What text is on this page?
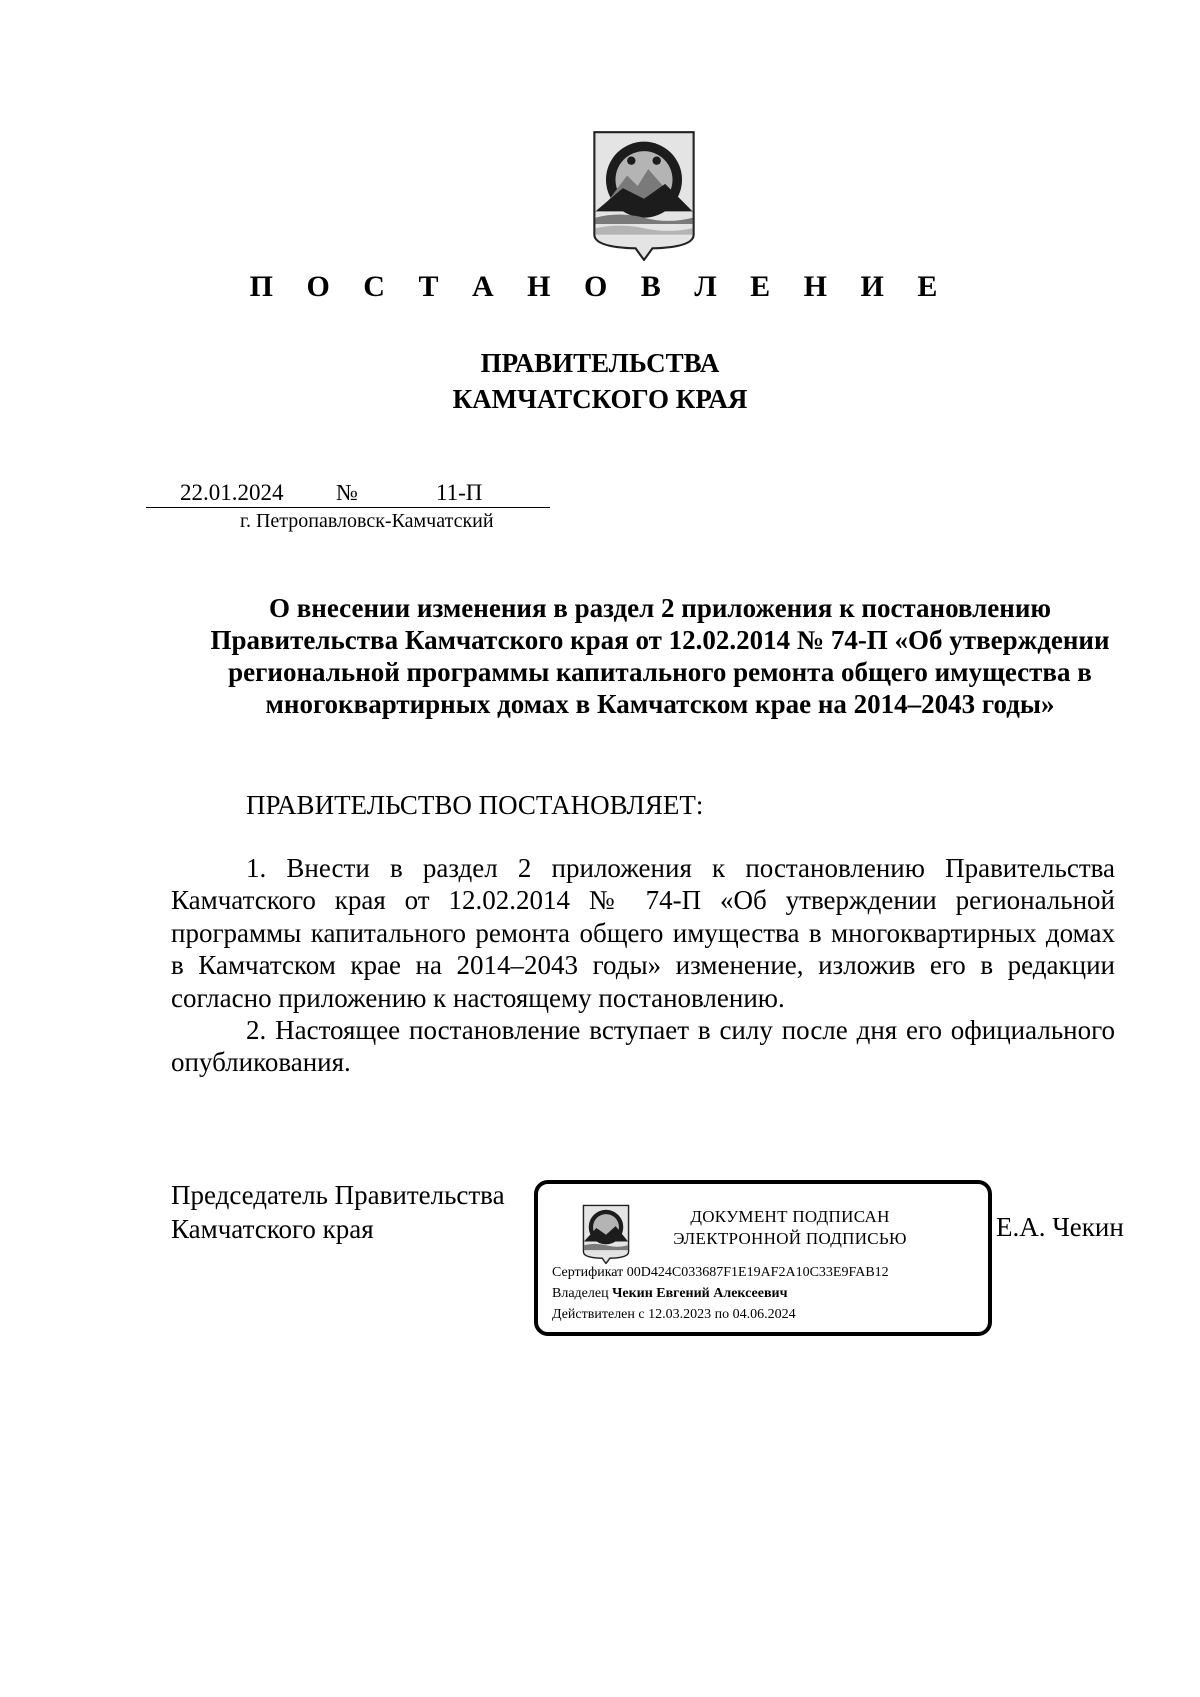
П О С Т А Н О В Л Е Н И Е
ПРАВИТЕЛЬСТВА
КАМЧАТСКОГО КРАЯ
22.01.2024 №	11-П
г. Петропавловск-Камчатский
О внесении изменения в раздел 2 приложения к постановлению
Правительства Камчатского края от 12.02.2014 № 74-П «Об утверждении
региональной программы капитального ремонта общего имущества в
многоквартирных домах в Камчатском крае на 2014–2043 годы»
ПРАВИТЕЛЬСТВО ПОСТАНОВЛЯЕТ:

1. Внести в раздел 2 приложения к постановлению Правительства Камчатского края от 12.02.2014 № 74-П «Об утверждении региональной программы капитального ремонта общего имущества в многоквартирных домах в Камчатском крае на 2014–2043 годы» изменение, изложив его в редакции согласно приложению к настоящему постановлению.

2. Настоящее постановление вступает в силу после дня его официального опубликования.

Председатель Правительства
Камчатского края	Е.А. Чекин
ДОКУМЕНТ ПОДПИСАН
ЭЛЕКТРОННОЙ ПОДПИСЬЮ
Сертификат 00D424C033687F1E19AF2A10C33E9FAB12
Владелец Чекин Евгений Алексеевич
Действителен с 12.03.2023 по 04.06.2024
